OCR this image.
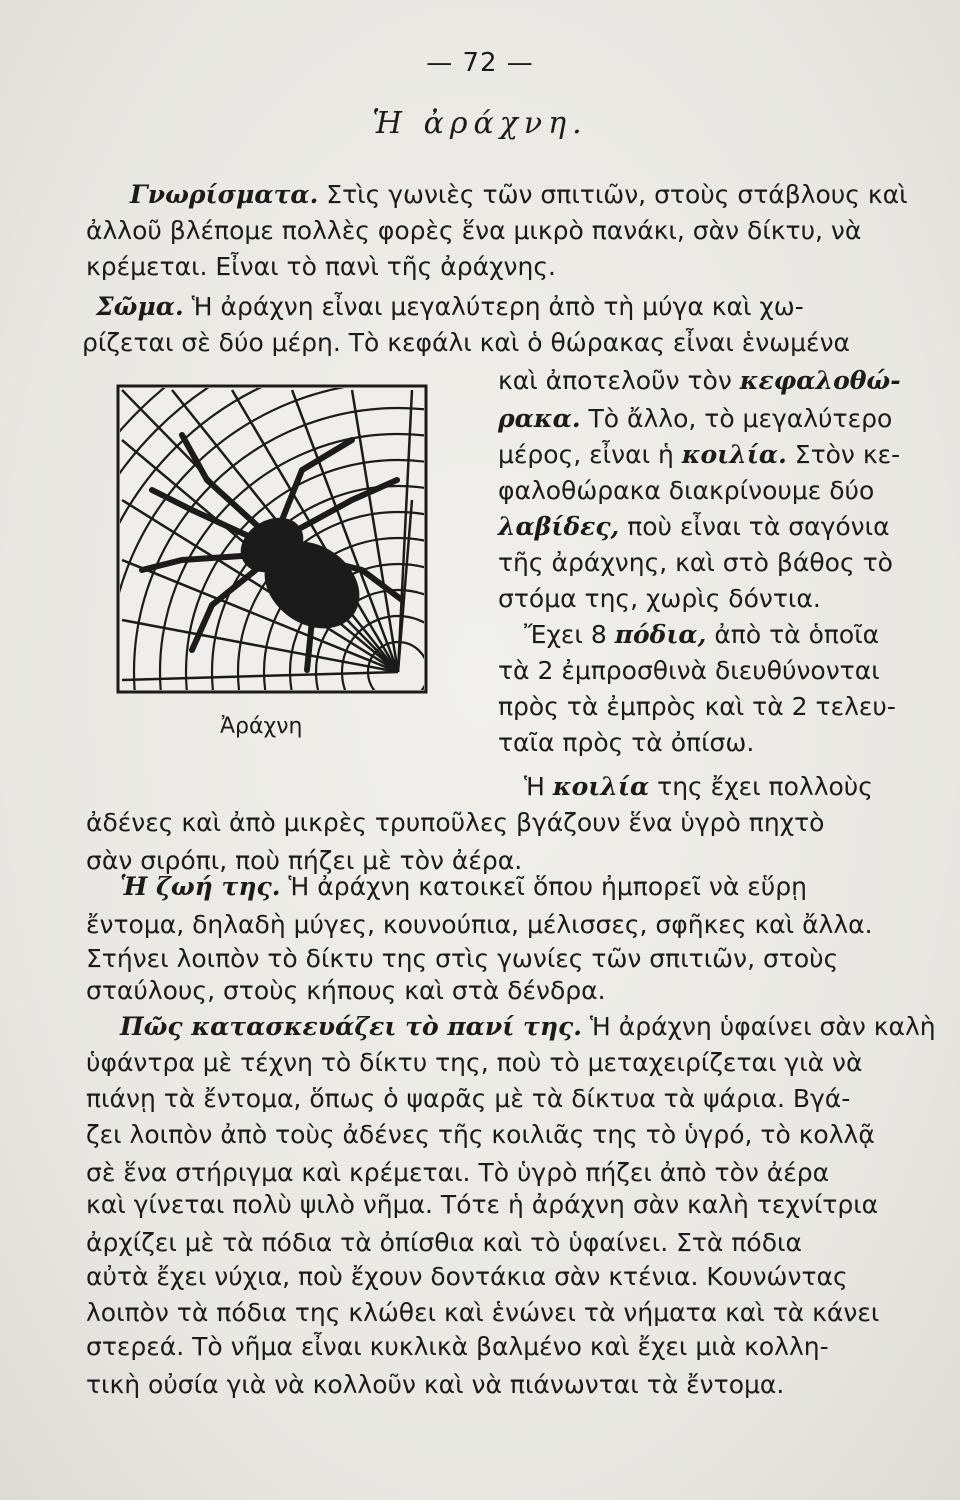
— 72 —
Ἡ ἀράχνη.
Ἀράχνη
Γνωρίσματα. Στὶς γωνιὲς τῶν σπιτιῶν, στοὺς στάβλους καὶ
ἀλλοῦ βλέπομε πολλὲς φορὲς ἕνα μικρὸ πανάκι, σὰν δίκτυ, νὰ
κρέμεται. Εἶναι τὸ πανὶ τῆς ἀράχνης.
Σῶμα. Ἡ ἀράχνη εἶναι μεγαλύτερη ἀπὸ τὴ μύγα καὶ χω-
ρίζεται σὲ δύο μέρη. Τὸ κεφάλι καὶ ὁ θώρακας εἶναι ἑνωμένα
καὶ ἀποτελοῦν τὸν κεφαλοθώ-
ρακα. Τὸ ἄλλο, τὸ μεγαλύτερο
μέρος, εἶναι ἡ κοιλία. Στὸν κε-
φαλοθώρακα διακρίνουμε δύο
λαβίδες, ποὺ εἶναι τὰ σαγόνια
τῆς ἀράχνης, καὶ στὸ βάθος τὸ
στόμα της, χωρὶς δόντια.
Ἔχει 8 πόδια, ἀπὸ τὰ ὁποῖα
τὰ 2 ἐμπροσθινὰ διευθύνονται
πρὸς τὰ ἐμπρὸς καὶ τὰ 2 τελευ-
ταῖα πρὸς τὰ ὀπίσω.
Ἡ κοιλία της ἔχει πολλοὺς
ἀδένες καὶ ἀπὸ μικρὲς τρυποῦλες βγάζουν ἕνα ὑγρὸ πηχτὸ
σὰν σιρόπι, ποὺ πήζει μὲ τὸν ἀέρα.
Ἡ ζωή της. Ἡ ἀράχνη κατοικεῖ ὅπου ἠμπορεῖ νὰ εὕρῃ
ἔντομα, δηλαδὴ μύγες, κουνούπια, μέλισσες, σφῆκες καὶ ἄλλα.
Στήνει λοιπὸν τὸ δίκτυ της στὶς γωνίες τῶν σπιτιῶν, στοὺς
σταύλους, στοὺς κήπους καὶ στὰ δένδρα.
Πῶς κατασκευάζει τὸ πανί της. Ἡ ἀράχνη ὑφαίνει σὰν καλὴ
ὑφάντρα μὲ τέχνη τὸ δίκτυ της, ποὺ τὸ μεταχειρίζεται γιὰ νὰ
πιάνῃ τὰ ἔντομα, ὅπως ὁ ψαρᾶς μὲ τὰ δίκτυα τὰ ψάρια. Βγά-
ζει λοιπὸν ἀπὸ τοὺς ἀδένες τῆς κοιλιᾶς της τὸ ὑγρό, τὸ κολλᾷ
σὲ ἕνα στήριγμα καὶ κρέμεται. Τὸ ὑγρὸ πήζει ἀπὸ τὸν ἀέρα
καὶ γίνεται πολὺ ψιλὸ νῆμα. Τότε ἡ ἀράχνη σὰν καλὴ τεχνίτρια
ἀρχίζει μὲ τὰ πόδια τὰ ὀπίσθια καὶ τὸ ὑφαίνει. Στὰ πόδια
αὐτὰ ἔχει νύχια, ποὺ ἔχουν δοντάκια σὰν κτένια. Κουνώντας
λοιπὸν τὰ πόδια της κλώθει καὶ ἑνώνει τὰ νήματα καὶ τὰ κάνει
στερεά. Τὸ νῆμα εἶναι κυκλικὰ βαλμένο καὶ ἔχει μιὰ κολλη-
τικὴ οὐσία γιὰ νὰ κολλοῦν καὶ νὰ πιάνωνται τὰ ἔντομα.
